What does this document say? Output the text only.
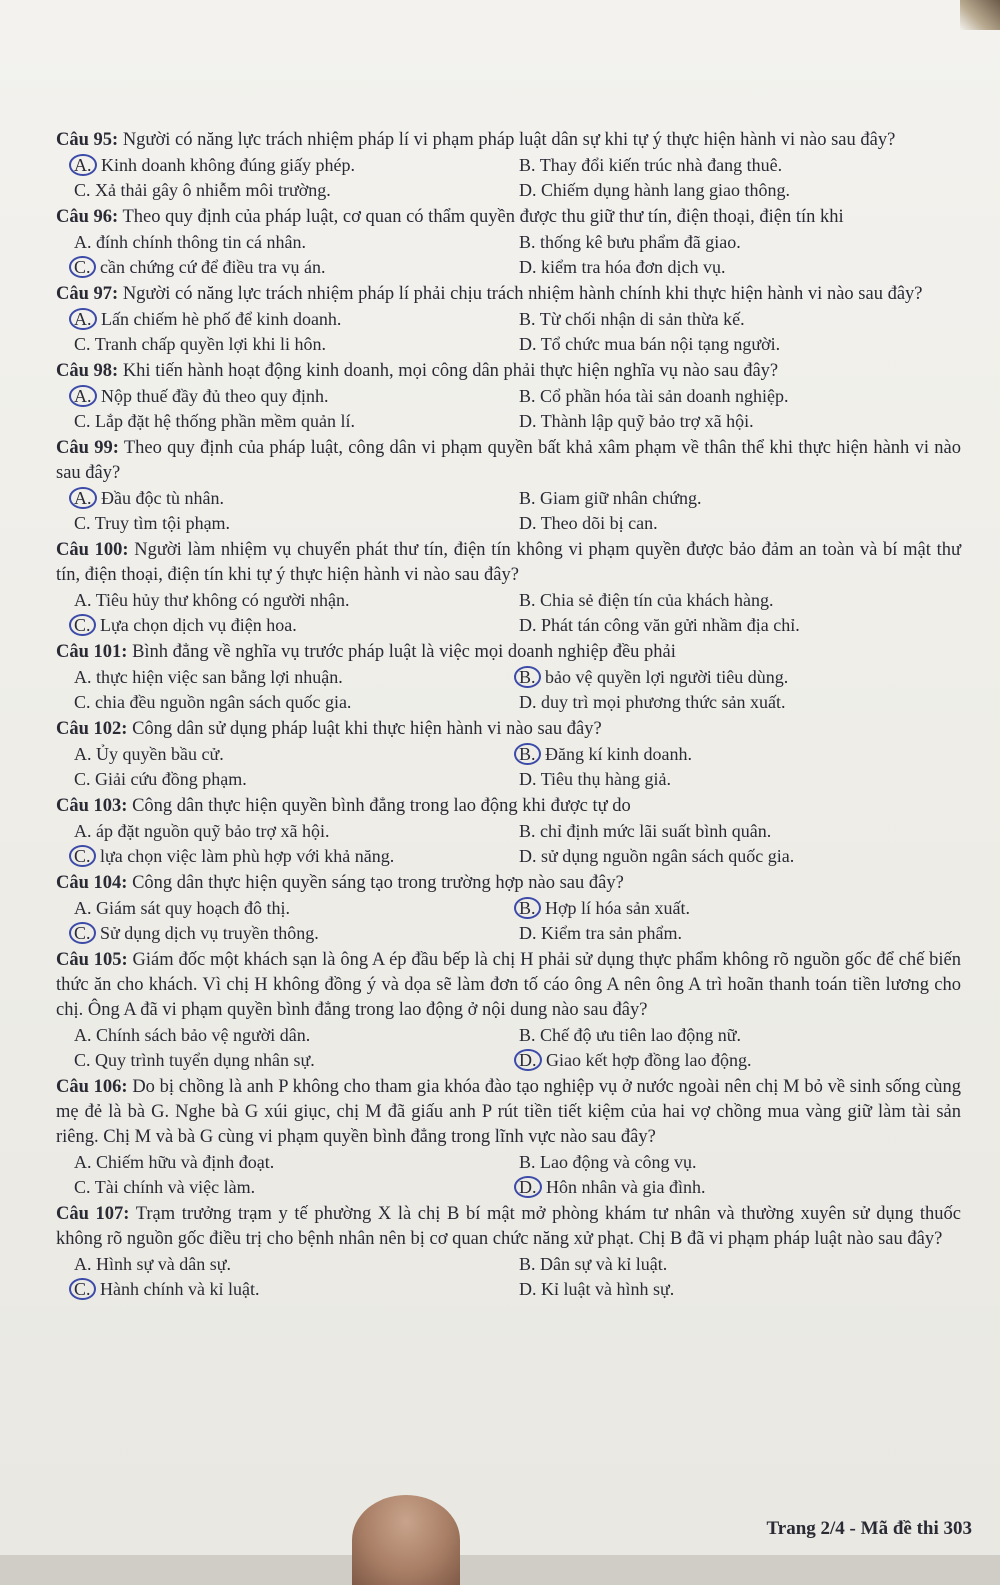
Câu 95: Người có năng lực trách nhiệm pháp lí vi phạm pháp luật dân sự khi tự ý thực hiện hành vi nào sau đây?
A. Kinh doanh không đúng giấy phép.	B. Thay đổi kiến trúc nhà đang thuê.
C. Xả thải gây ô nhiễm môi trường.	D. Chiếm dụng hành lang giao thông.
Câu 96: Theo quy định của pháp luật, cơ quan có thẩm quyền được thu giữ thư tín, điện thoại, điện tín khi
A. đính chính thông tin cá nhân.	B. thống kê bưu phẩm đã giao.
C. cần chứng cứ để điều tra vụ án.	D. kiểm tra hóa đơn dịch vụ.
Câu 97: Người có năng lực trách nhiệm pháp lí phải chịu trách nhiệm hành chính khi thực hiện hành vi nào sau đây?
A. Lấn chiếm hè phố để kinh doanh.	B. Từ chối nhận di sản thừa kế.
C. Tranh chấp quyền lợi khi li hôn.	D. Tổ chức mua bán nội tạng người.
Câu 98: Khi tiến hành hoạt động kinh doanh, mọi công dân phải thực hiện nghĩa vụ nào sau đây?
A. Nộp thuế đầy đủ theo quy định.	B. Cổ phần hóa tài sản doanh nghiệp.
C. Lắp đặt hệ thống phần mềm quản lí.	D. Thành lập quỹ bảo trợ xã hội.
Câu 99: Theo quy định của pháp luật, công dân vi phạm quyền bất khả xâm phạm về thân thể khi thực hiện hành vi nào sau đây?
A. Đầu độc tù nhân.	B. Giam giữ nhân chứng.
C. Truy tìm tội phạm.	D. Theo dõi bị can.
Câu 100: Người làm nhiệm vụ chuyển phát thư tín, điện tín không vi phạm quyền được bảo đảm an toàn và bí mật thư tín, điện thoại, điện tín khi tự ý thực hiện hành vi nào sau đây?
A. Tiêu hủy thư không có người nhận.	B. Chia sẻ điện tín của khách hàng.
C. Lựa chọn dịch vụ điện hoa.	D. Phát tán công văn gửi nhầm địa chỉ.
Câu 101: Bình đẳng về nghĩa vụ trước pháp luật là việc mọi doanh nghiệp đều phải
A. thực hiện việc san bằng lợi nhuận.	B. bảo vệ quyền lợi người tiêu dùng.
C. chia đều nguồn ngân sách quốc gia.	D. duy trì mọi phương thức sản xuất.
Câu 102: Công dân sử dụng pháp luật khi thực hiện hành vi nào sau đây?
A. Ủy quyền bầu cử.	B. Đăng kí kinh doanh.
C. Giải cứu đồng phạm.	D. Tiêu thụ hàng giả.
Câu 103: Công dân thực hiện quyền bình đẳng trong lao động khi được tự do
A. áp đặt nguồn quỹ bảo trợ xã hội.	B. chỉ định mức lãi suất bình quân.
C. lựa chọn việc làm phù hợp với khả năng.	D. sử dụng nguồn ngân sách quốc gia.
Câu 104: Công dân thực hiện quyền sáng tạo trong trường hợp nào sau đây?
A. Giám sát quy hoạch đô thị.	B. Hợp lí hóa sản xuất.
C. Sử dụng dịch vụ truyền thông.	D. Kiểm tra sản phẩm.
Câu 105: Giám đốc một khách sạn là ông A ép đầu bếp là chị H phải sử dụng thực phẩm không rõ nguồn gốc để chế biến thức ăn cho khách. Vì chị H không đồng ý và dọa sẽ làm đơn tố cáo ông A nên ông A trì hoãn thanh toán tiền lương cho chị. Ông A đã vi phạm quyền bình đẳng trong lao động ở nội dung nào sau đây?
A. Chính sách bảo vệ người dân.	B. Chế độ ưu tiên lao động nữ.
C. Quy trình tuyển dụng nhân sự.	D. Giao kết hợp đồng lao động.
Câu 106: Do bị chồng là anh P không cho tham gia khóa đào tạo nghiệp vụ ở nước ngoài nên chị M bỏ về sinh sống cùng mẹ đẻ là bà G. Nghe bà G xúi giục, chị M đã giấu anh P rút tiền tiết kiệm của hai vợ chồng mua vàng giữ làm tài sản riêng. Chị M và bà G cùng vi phạm quyền bình đẳng trong lĩnh vực nào sau đây?
A. Chiếm hữu và định đoạt.	B. Lao động và công vụ.
C. Tài chính và việc làm.	D. Hôn nhân và gia đình.
Câu 107: Trạm trưởng trạm y tế phường X là chị B bí mật mở phòng khám tư nhân và thường xuyên sử dụng thuốc không rõ nguồn gốc điều trị cho bệnh nhân nên bị cơ quan chức năng xử phạt. Chị B đã vi phạm pháp luật nào sau đây?
A. Hình sự và dân sự.	B. Dân sự và kỉ luật.
C. Hành chính và kỉ luật.	D. Kỉ luật và hình sự.
Trang 2/4 - Mã đề thi 303
